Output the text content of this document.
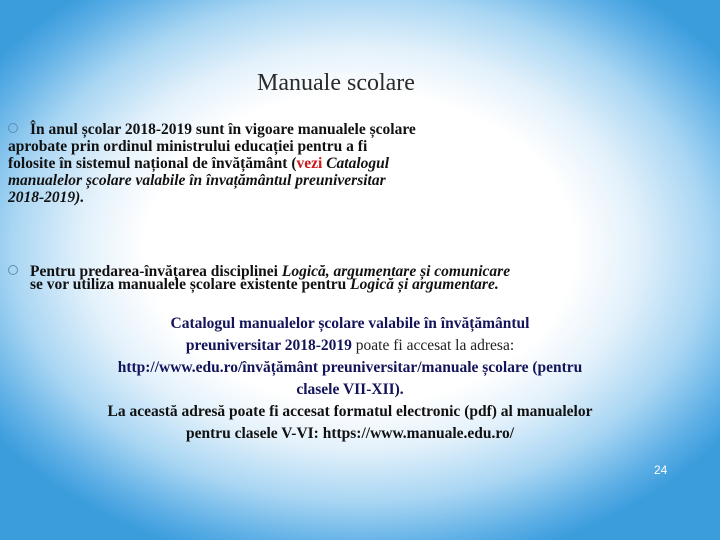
Manuale scolare
În anul școlar 2018-2019 sunt în vigoare manualele școlare
aprobate prin ordinul ministrului educației pentru a fi
folosite în sistemul național de învățământ (vezi Catalogul
manualelor școlare valabile în învațământul preuniversitar
2018-2019).
Pentru predarea-învățarea disciplinei Logică, argumentare și comunicare
se vor utiliza manualele școlare existente pentru Logică și argumentare.
Catalogul manualelor școlare valabile în învățământul
preuniversitar 2018-2019 poate fi accesat la adresa:
http://www.edu.ro/învățământ preuniversitar/manuale școlare (pentru
clasele VII-XII).
La această adresă poate fi accesat formatul electronic (pdf) al manualelor
pentru clasele V-VI: https://www.manuale.edu.ro/
24
